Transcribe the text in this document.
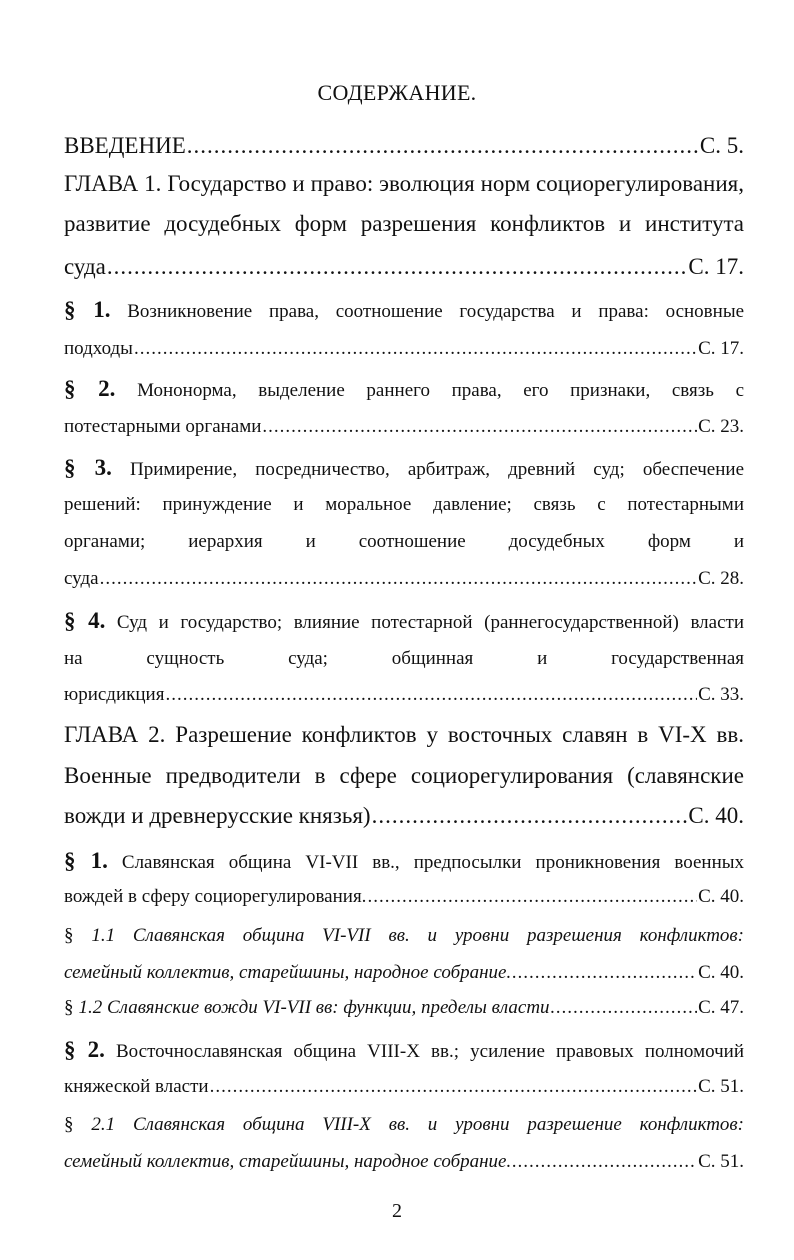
СОДЕРЖАНИЕ.
ВВЕДЕНИЕ .....	С. 5.
ГЛАВА 1. Государство и право: эволюция норм социорегулирования,
развитие досудебных форм разрешения конфликтов и института
суда .....	С. 17.
§ 1. Возникновение права, соотношение государства и права: основные
подходы .....	С. 17.
§ 2. Мононорма, выделение раннего права, его признаки, связь с
потестарными органами .....	С. 23.
§ 3. Примирение, посредничество, арбитраж, древний суд; обеспечение
решений: принуждение и моральное давление; связь с потестарными
органами; иерархия и соотношение досудебных форм и
суда .....	С. 28.
§ 4. Суд и государство; влияние потестарной (раннегосударственной) власти
на сущность суда; общинная и государственная
юрисдикция .....	С. 33.
ГЛАВА 2. Разрешение конфликтов у восточных славян в VI-X вв.
Военные предводители в сфере социорегулирования (славянские
вожди и древнерусские князья) .....	С. 40.
§ 1. Славянская община VI-VII вв., предпосылки проникновения военных
вождей в сферу социорегулирования. .....	С. 40.
§ 1.1 Славянская община VI-VII вв. и уровни разрешения конфликтов:
семейный коллектив, старейшины, народное собрание. .....	С. 40.
§ 1.2 Славянские вожди VI-VII вв: функции, пределы власти .....	С. 47.
§ 2. Восточнославянская община VIII-X вв.; усиление правовых полномочий
княжеской власти .....	С. 51.
§ 2.1 Славянская община VIII-X вв. и уровни разрешение конфликтов:
семейный коллектив, старейшины, народное собрание. .....	С. 51.
2
